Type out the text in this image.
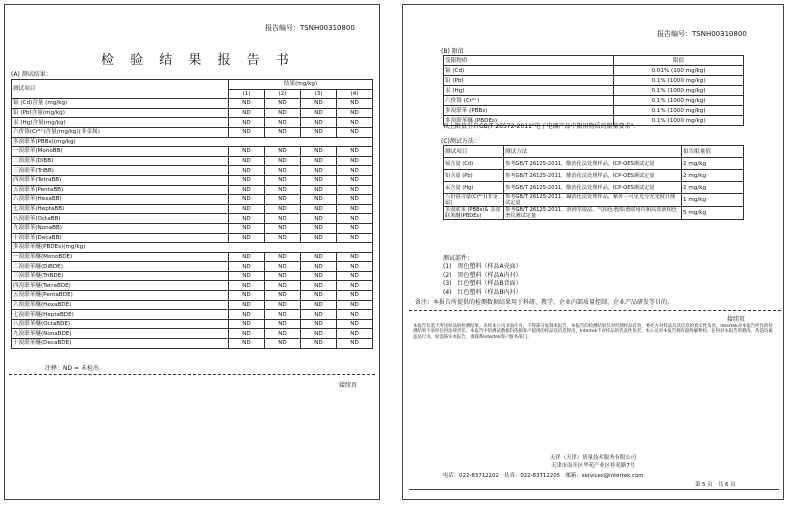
报告编号：TSNH00310800
检 验 结 果 报 告 书
(A) 测试结果：
测试项目	结果(mg/kg)			
	(1)	(2)	(3)	(4)
镉 (Cd)含量 (mg/kg)	ND	ND	ND	ND
铅 (Pb)含量(mg/kg)	ND	ND	ND	ND
汞 (Hg)含量(mg/kg)	ND	ND	ND	ND
六价铬(Cr⁶⁺)含量(mg/kg)(非金属)	ND	ND	ND	ND
多溴联苯(PBBs)(mg/kg)				
一溴联苯(MonoBB)	ND	ND	ND	ND
二溴联苯(DiBB)	ND	ND	ND	ND
三溴联苯(TriBB)	ND	ND	ND	ND
四溴联苯(TetraBB)	ND	ND	ND	ND
五溴联苯(PentaBB)	ND	ND	ND	ND
六溴联苯(HexaBB)	ND	ND	ND	ND
七溴联苯(HeptaBB)	ND	ND	ND	ND
八溴联苯(OctaBB)	ND	ND	ND	ND
九溴联苯(NonaBB)	ND	ND	ND	ND
十溴联苯(DecaBB)	ND	ND	ND	ND
多溴联苯醚(PBDEs)(mg/kg)				
一溴联苯醚(MonoBDE)	ND	ND	ND	ND
二溴联苯醚(DiBDE)	ND	ND	ND	ND
三溴联苯醚(TriBDE)	ND	ND	ND	ND
四溴联苯醚(TetraBDE)	ND	ND	ND	ND
五溴联苯醚(PentaBDE)	ND	ND	ND	ND
六溴联苯醚(HexaBDE)	ND	ND	ND	ND
七溴联苯醚(HeptaBDE)	ND	ND	ND	ND
八溴联苯醚(OctaBDE)	ND	ND	ND	ND
九溴联苯醚(NonaBDE)	ND	ND	ND	ND
十溴联苯醚(DecaBDE)	ND	ND	ND	ND
注释：ND = 未检出
接续页
报告编号：TSNH00310800
(B) 限值
受限物质	限值
镉 (Cd)	0.01% (100 mg/kg)
铅 (Pb)	0.1% (1000 mg/kg)
汞 (Hg)	0.1% (1000 mg/kg)
六价铬 (Cr⁶⁺)	0.1% (1000 mg/kg)
多溴联苯 (PBBs)	0.1% (1000 mg/kg)
多溴联苯醚 (PBDEs)	0.1% (1000 mg/kg)
以上限值引自GB/T 26572-2011"电子电器产品中限用物质的限量要求".
(C)测试方法：
测试项目	测试方法	报告限量值
镉含量 (Cd)	参考GB/T 26125-2011，酸消化法处理样品，ICP-OES测试定量	2 mg/kg
铅含量 (Pb)	参考GB/T 26125-2011，酸消化法处理样品，ICP-OES测试定量	2 mg/kg
汞含量 (Hg)	参考GB/T 26125-2011，酸消化法处理样品，ICP-OES测试定量	2 mg/kg
六价铬含量(Cr⁶⁺)(非金属)	参考GB/T 26125-2011，碱消化法处理样品，紫外－可见光分光光度计测试定量	1 mg/kg
多溴联苯 (PBBs)& 多溴联苯醚(PBDEs)	参考GB/T 26125-2011，溶剂萃取法，气相色谱/质谱联用仪和高效液相色谱仪测试定量	5 mg/kg
测试部件：
(1)　黑色塑料（样品A壳面）
(2)　黑色塑料（样品A内衬）
(3)　红色塑料（样品B背面）
(4)　红色塑料（样品B内衬）
备注：本报告所提供的检测数据结果用于科研、教学、企业内部质量控制、企业产品研发等目的。
接续页
本报告仅基于所送样品的检测结果。未经本公司书面许可，不得部分复制本报告。本报告的检测结果仅对所测样品有效，委托方对样品及其信息的真实性负责。Intertek对本报告所作的检测结果不承担任何法律责任。本报告中的测试数据均依据客户提供的样品及信息得出，Intertek不对样品的代表性负责。本公司对本报告拥有最终解释权，任何对本报告的篡改、伪造均属违法行为。如需核实本报告，请联系Intertek客户服务部门。
天祥（天津）质量技术服务有限公司
天津市南开区华苑产业区桂苑路7号
电话：022-83712202　传真：022-83712205　邮箱：services@intertek.com
第 5 页　共 6 页
